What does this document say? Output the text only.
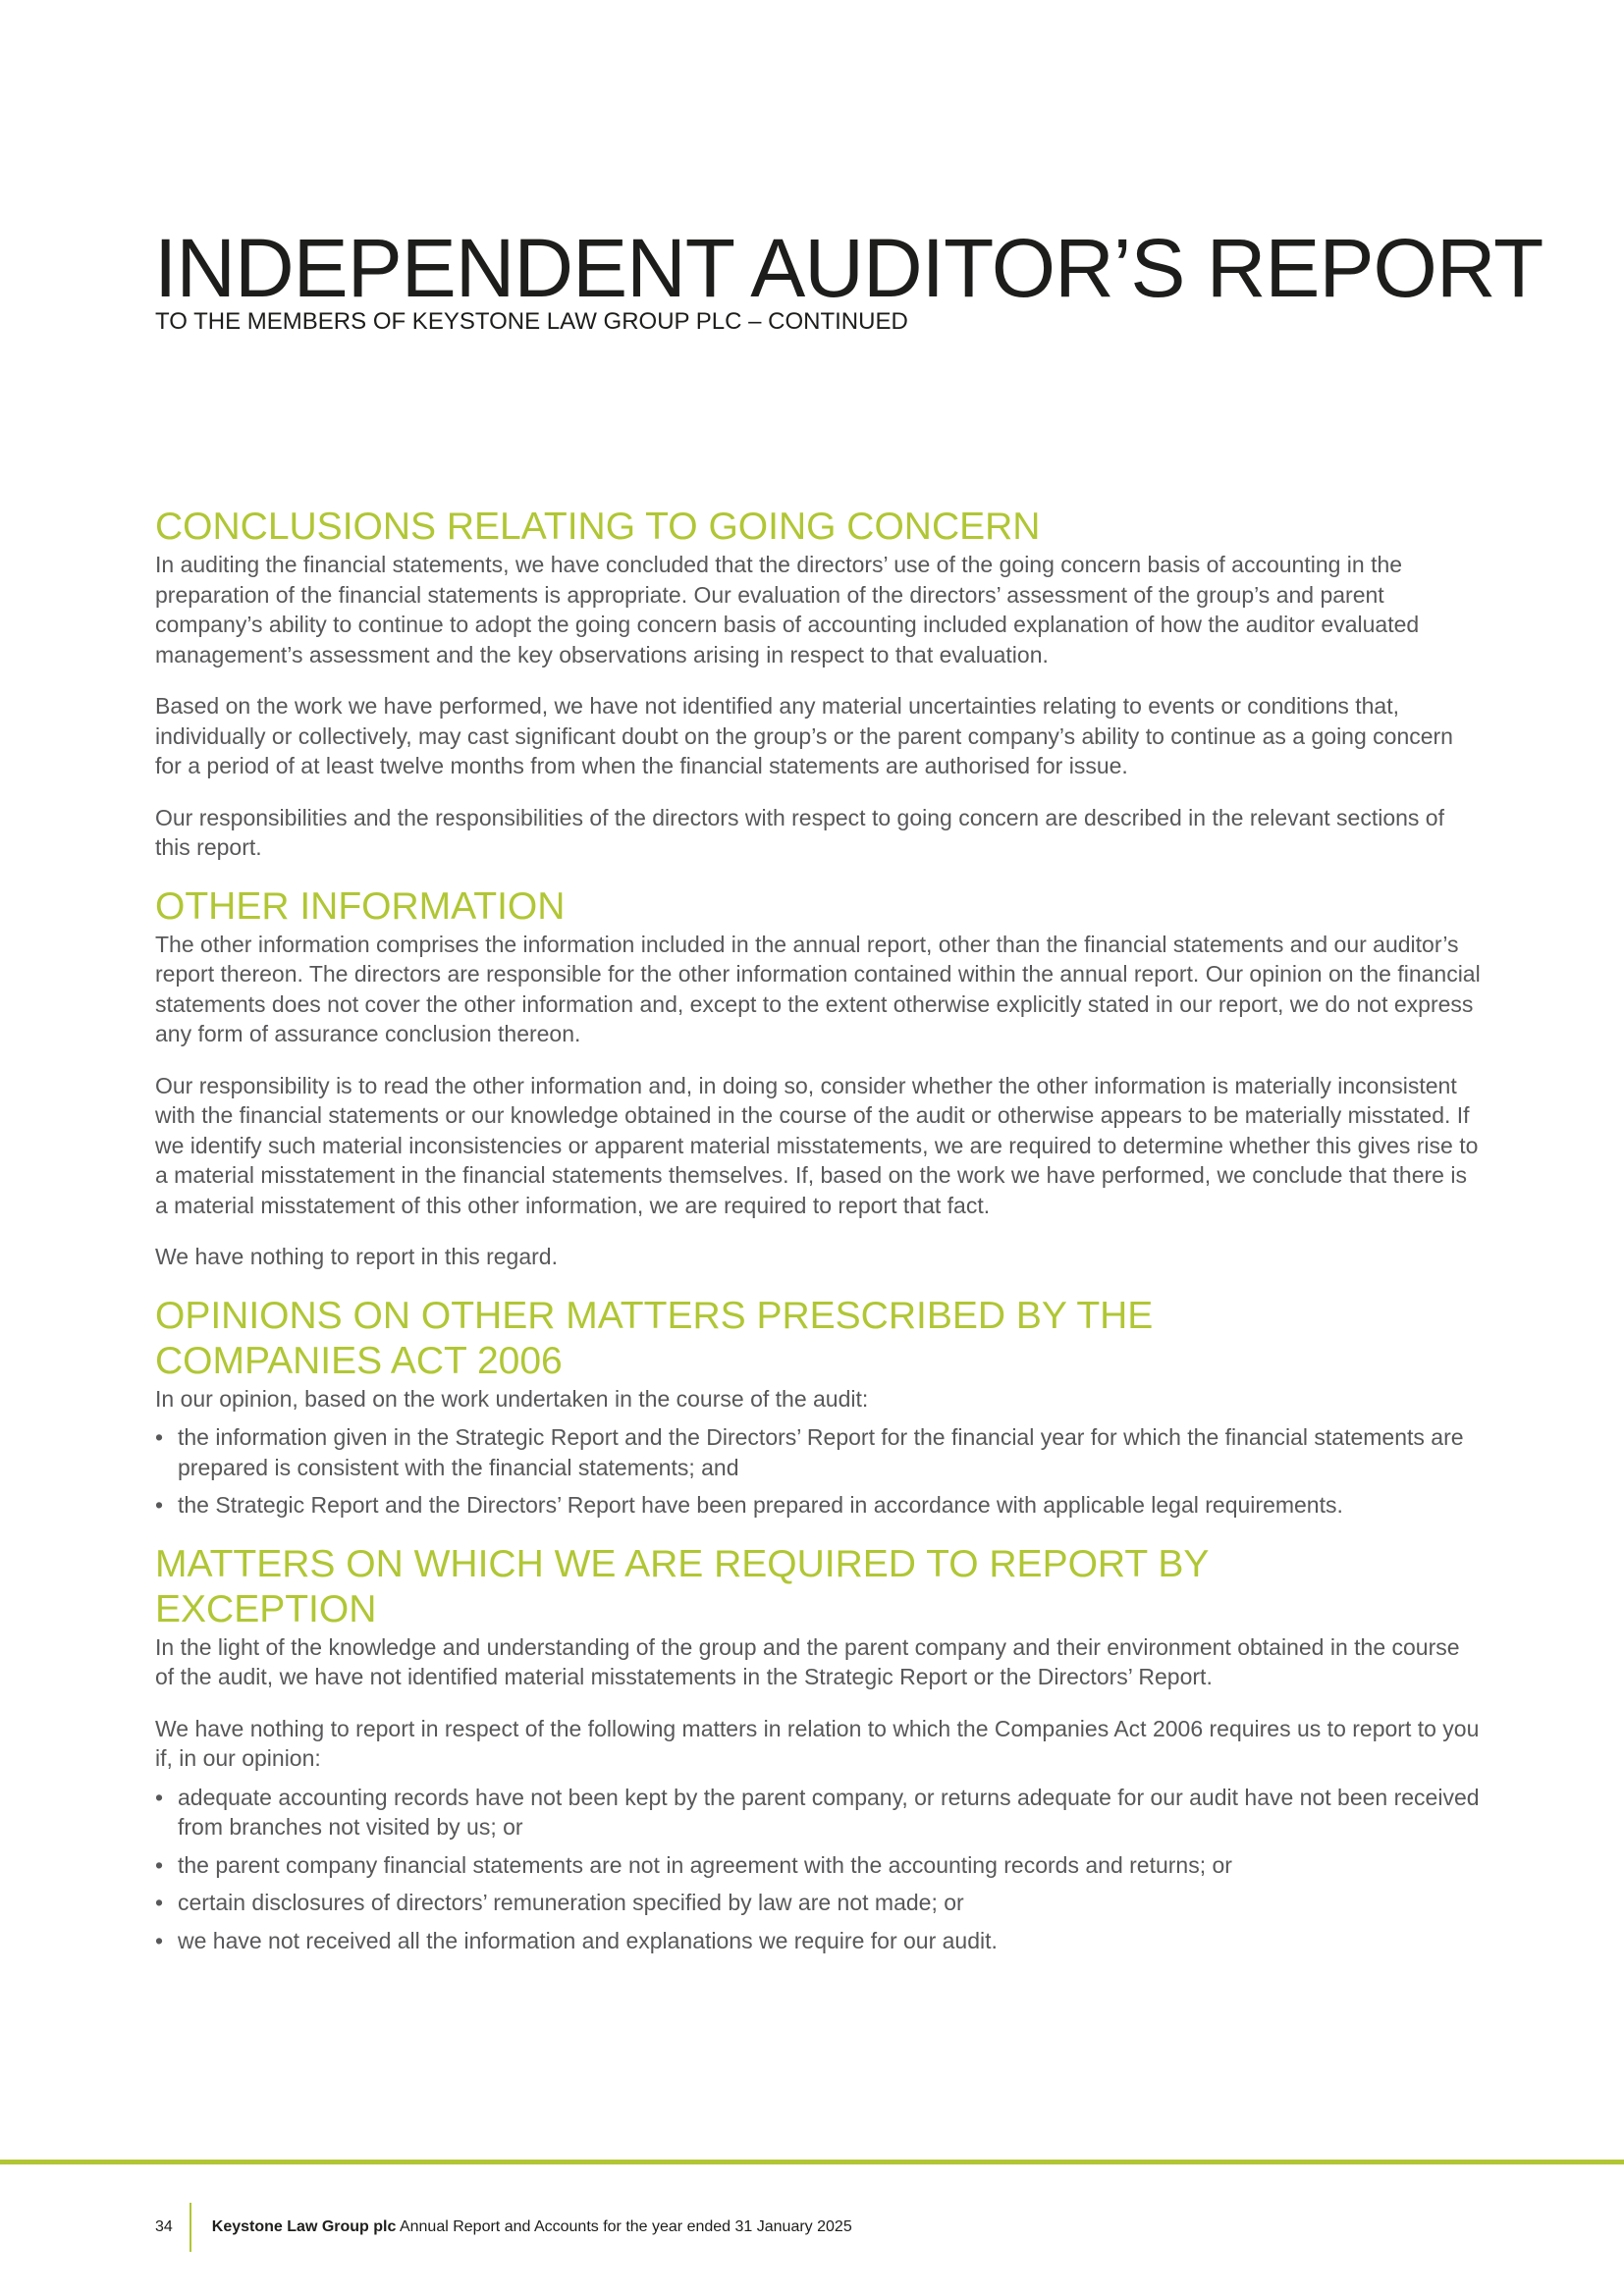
INDEPENDENT AUDITOR’S REPORT
TO THE MEMBERS OF KEYSTONE LAW GROUP PLC – CONTINUED
CONCLUSIONS RELATING TO GOING CONCERN

In auditing the financial statements, we have concluded that the directors’ use of the going concern basis of accounting in the preparation of the financial statements is appropriate. Our evaluation of the directors’ assessment of the group’s and parent company’s ability to continue to adopt the going concern basis of accounting included explanation of how the auditor evaluated management’s assessment and the key observations arising in respect to that evaluation.

Based on the work we have performed, we have not identified any material uncertainties relating to events or conditions that, individually or collectively, may cast significant doubt on the group’s or the parent company’s ability to continue as a going concern for a period of at least twelve months from when the financial statements are authorised for issue.

Our responsibilities and the responsibilities of the directors with respect to going concern are described in the relevant sections of this report.

OTHER INFORMATION

The other information comprises the information included in the annual report, other than the financial statements and our auditor’s report thereon. The directors are responsible for the other information contained within the annual report. Our opinion on the financial statements does not cover the other information and, except to the extent otherwise explicitly stated in our report, we do not express any form of assurance conclusion thereon.

Our responsibility is to read the other information and, in doing so, consider whether the other information is materially inconsistent with the financial statements or our knowledge obtained in the course of the audit or otherwise appears to be materially misstated. If we identify such material inconsistencies or apparent material misstatements, we are required to determine whether this gives rise to a material misstatement in the financial statements themselves. If, based on the work we have performed, we conclude that there is a material misstatement of this other information, we are required to report that fact.

We have nothing to report in this regard.

OPINIONS ON OTHER MATTERS PRESCRIBED BY THE COMPANIES ACT 2006

In our opinion, based on the work undertaken in the course of the audit:

• the information given in the Strategic Report and the Directors’ Report for the financial year for which the financial statements are prepared is consistent with the financial statements; and
• the Strategic Report and the Directors’ Report have been prepared in accordance with applicable legal requirements.
MATTERS ON WHICH WE ARE REQUIRED TO REPORT BY EXCEPTION

In the light of the knowledge and understanding of the group and the parent company and their environment obtained in the course of the audit, we have not identified material misstatements in the Strategic Report or the Directors’ Report.

We have nothing to report in respect of the following matters in relation to which the Companies Act 2006 requires us to report to you if, in our opinion:

• adequate accounting records have not been kept by the parent company, or returns adequate for our audit have not been received from branches not visited by us; or
• the parent company financial statements are not in agreement with the accounting records and returns; or
• certain disclosures of directors’ remuneration specified by law are not made; or
• we have not received all the information and explanations we require for our audit.
34	Keystone Law Group plc Annual Report and Accounts for the year ended 31 January 2025
